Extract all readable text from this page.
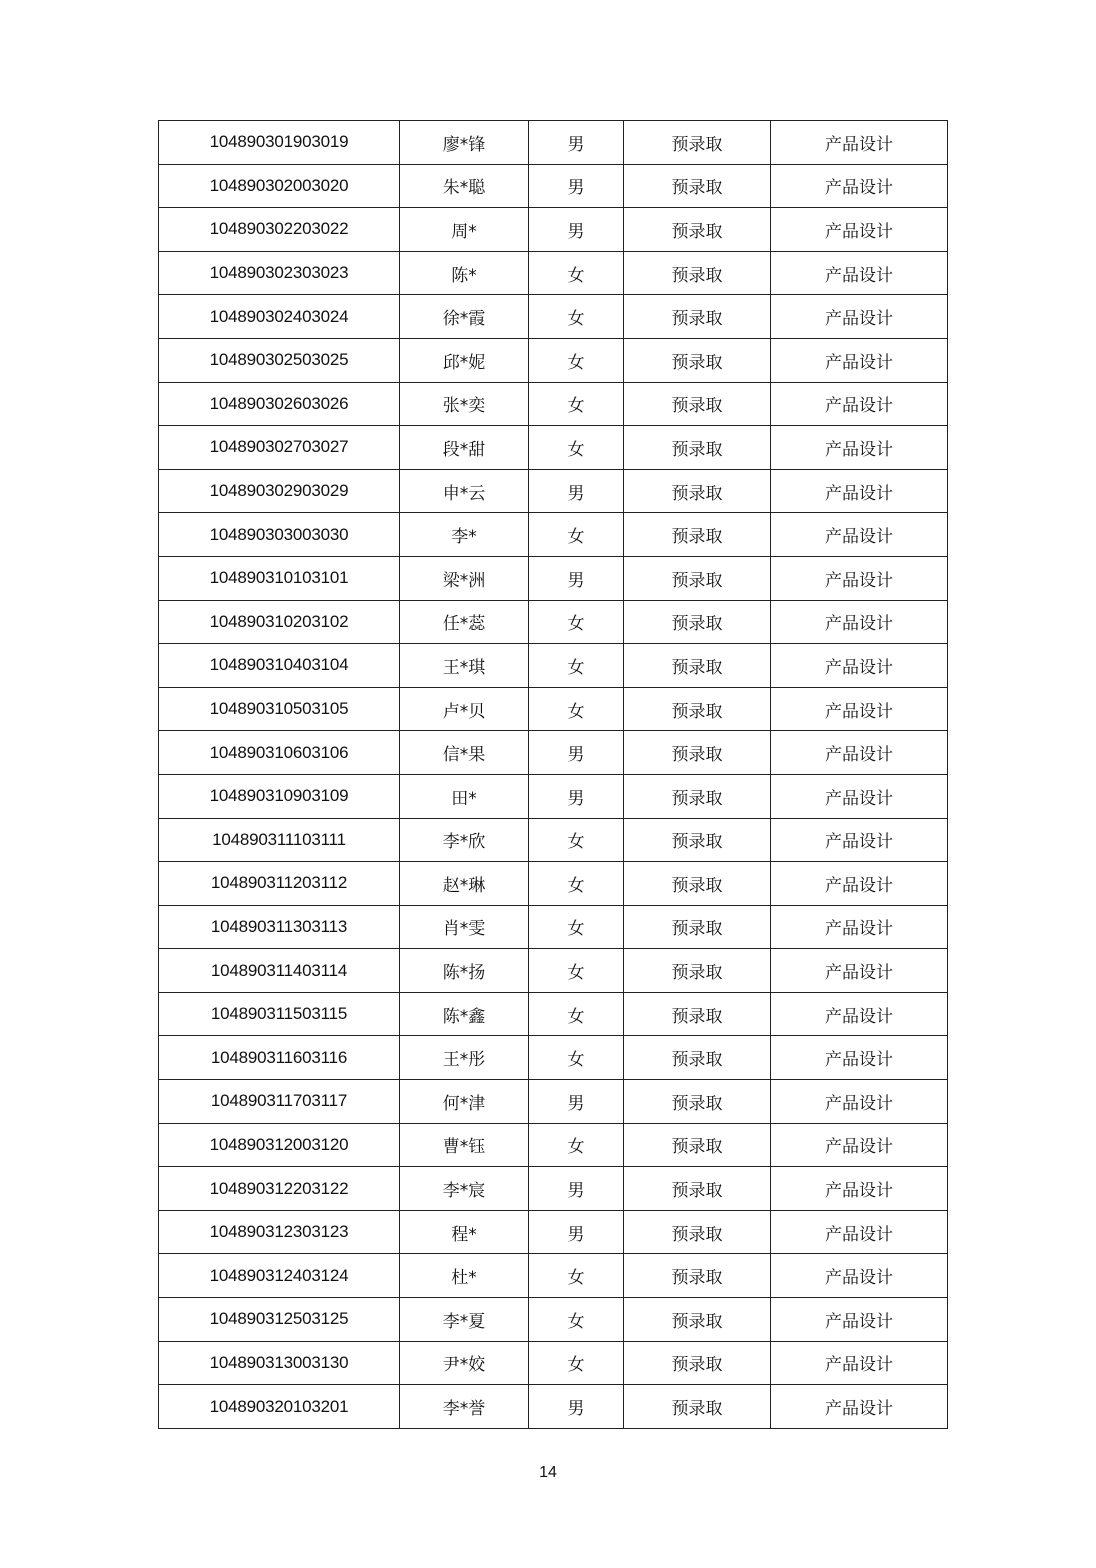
104890301903019	廖*锋	男	预录取	产品设计
104890302003020	朱*聪	男	预录取	产品设计
104890302203022	周*	男	预录取	产品设计
104890302303023	陈*	女	预录取	产品设计
104890302403024	徐*霞	女	预录取	产品设计
104890302503025	邱*妮	女	预录取	产品设计
104890302603026	张*奕	女	预录取	产品设计
104890302703027	段*甜	女	预录取	产品设计
104890302903029	申*云	男	预录取	产品设计
104890303003030	李*	女	预录取	产品设计
104890310103101	梁*洲	男	预录取	产品设计
104890310203102	任*蕊	女	预录取	产品设计
104890310403104	王*琪	女	预录取	产品设计
104890310503105	卢*贝	女	预录取	产品设计
104890310603106	信*果	男	预录取	产品设计
104890310903109	田*	男	预录取	产品设计
104890311103111	李*欣	女	预录取	产品设计
104890311203112	赵*琳	女	预录取	产品设计
104890311303113	肖*雯	女	预录取	产品设计
104890311403114	陈*扬	女	预录取	产品设计
104890311503115	陈*鑫	女	预录取	产品设计
104890311603116	王*彤	女	预录取	产品设计
104890311703117	何*津	男	预录取	产品设计
104890312003120	曹*钰	女	预录取	产品设计
104890312203122	李*宸	男	预录取	产品设计
104890312303123	程*	男	预录取	产品设计
104890312403124	杜*	女	预录取	产品设计
104890312503125	李*夏	女	预录取	产品设计
104890313003130	尹*姣	女	预录取	产品设计
104890320103201	李*誉	男	预录取	产品设计
14
